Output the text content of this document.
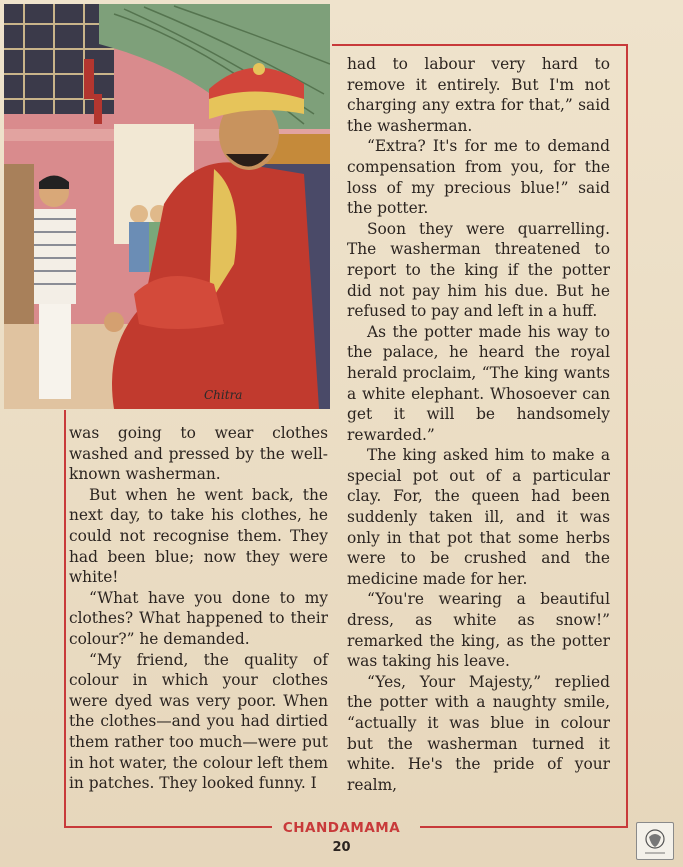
Chitra

was going to wear clothes washed and pressed by the well-known washerman.

But when he went back, the next day, to take his clothes, he could not recognise them. They had been blue; now they were white!

“What have you done to my clothes? What happened to their colour?” he demanded.

“My friend, the quality of colour in which your clothes were dyed was very poor. When the clothes—and you had dirtied them rather too much—were put in hot water, the colour left them in patches. They looked funny. I

had to labour very hard to remove it entirely. But I'm not charging any extra for that,” said the washerman.

“Extra? It's for me to demand compensation from you, for the loss of my precious blue!” said the potter.

Soon they were quarrelling. The washerman threatened to report to the king if the potter did not pay him his due. But he refused to pay and left in a huff.

As the potter made his way to the palace, he heard the royal herald proclaim, “The king wants a white elephant. Whosoever can get it will be handsomely rewarded.”

The king asked him to make a special pot out of a particular clay. For, the queen had been suddenly taken ill, and it was only in that pot that some herbs were to be crushed and the medicine made for her.

“You're wearing a beautiful dress, as white as snow!” remarked the king, as the potter was taking his leave.

“Yes, Your Majesty,” replied the potter with a naughty smile, “actually it was blue in colour but the washerman turned it white. He's the pride of your realm,

CHANDAMAMA
20
